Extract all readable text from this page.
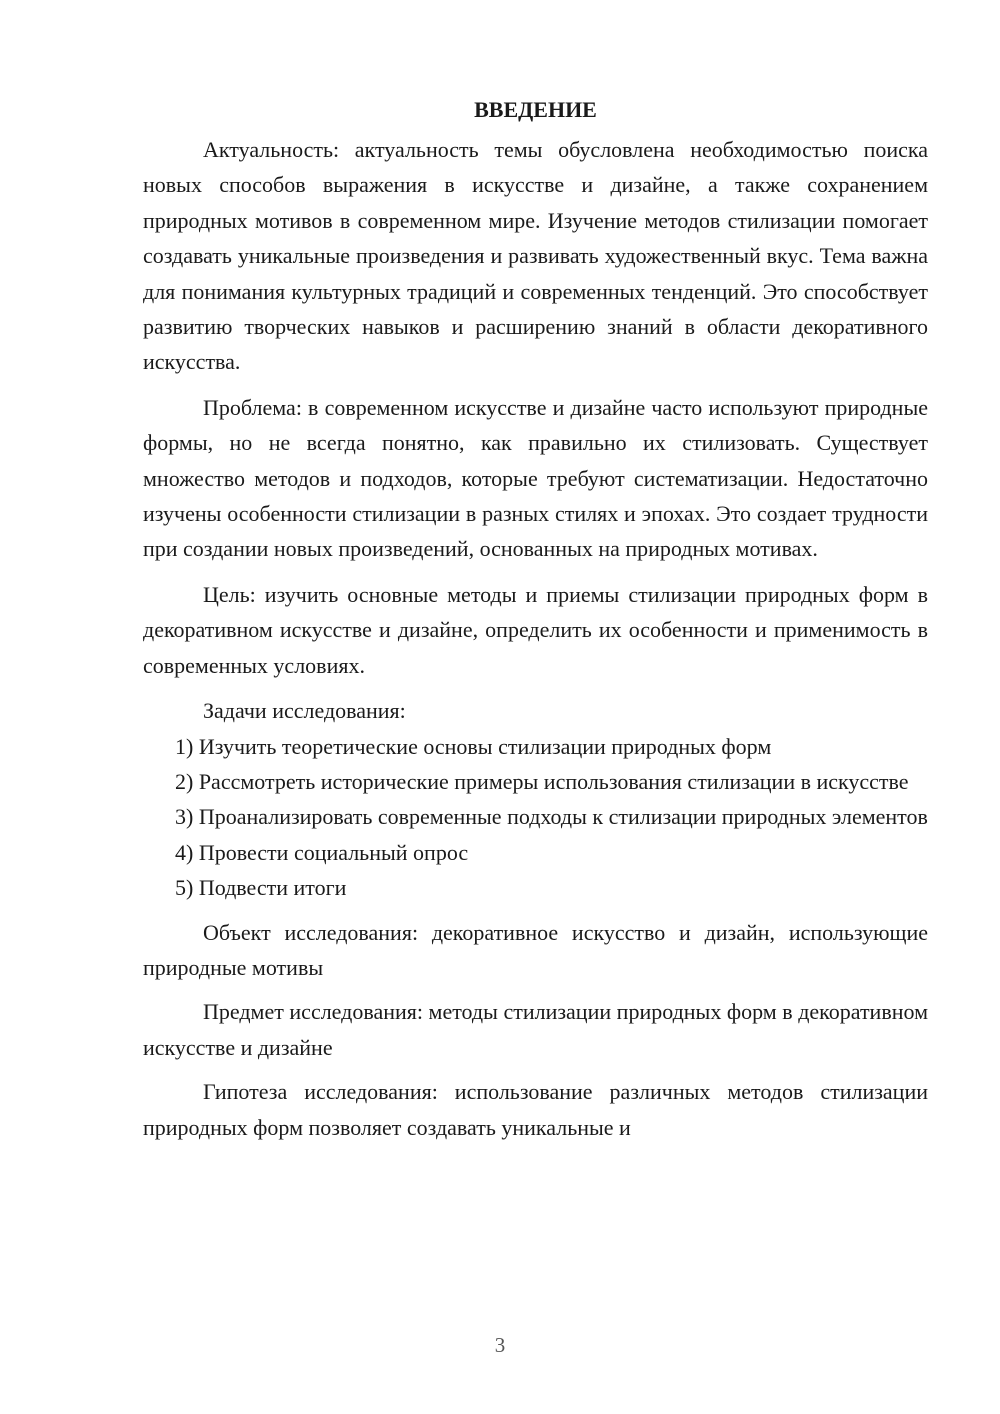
ВВЕДЕНИЕ

Актуальность: актуальность темы обусловлена необходимостью поиска новых способов выражения в искусстве и дизайне, а также сохранением природных мотивов в современном мире. Изучение методов стилизации помогает создавать уникальные произведения и развивать художественный вкус. Тема важна для понимания культурных традиций и современных тенденций. Это способствует развитию творческих навыков и расширению знаний в области декоративного искусства.

Проблема: в современном искусстве и дизайне часто используют природные формы, но не всегда понятно, как правильно их стилизовать. Существует множество методов и подходов, которые требуют систематизации. Недостаточно изучены особенности стилизации в разных стилях и эпохах. Это создает трудности при создании новых произведений, основанных на природных мотивах.

Цель: изучить основные методы и приемы стилизации природных форм в декоративном искусстве и дизайне, определить их особенности и применимость в современных условиях.

Задачи исследования:

1) Изучить теоретические основы стилизации природных форм

2) Рассмотреть исторические примеры использования стилизации в искусстве

3) Проанализировать современные подходы к стилизации природных элементов

4) Провести социальный опрос

5) Подвести итоги

Объект исследования: декоративное искусство и дизайн, использующие природные мотивы

Предмет исследования: методы стилизации природных форм в декоративном искусстве и дизайне

Гипотеза исследования: использование различных методов стилизации природных форм позволяет создавать уникальные и

3
